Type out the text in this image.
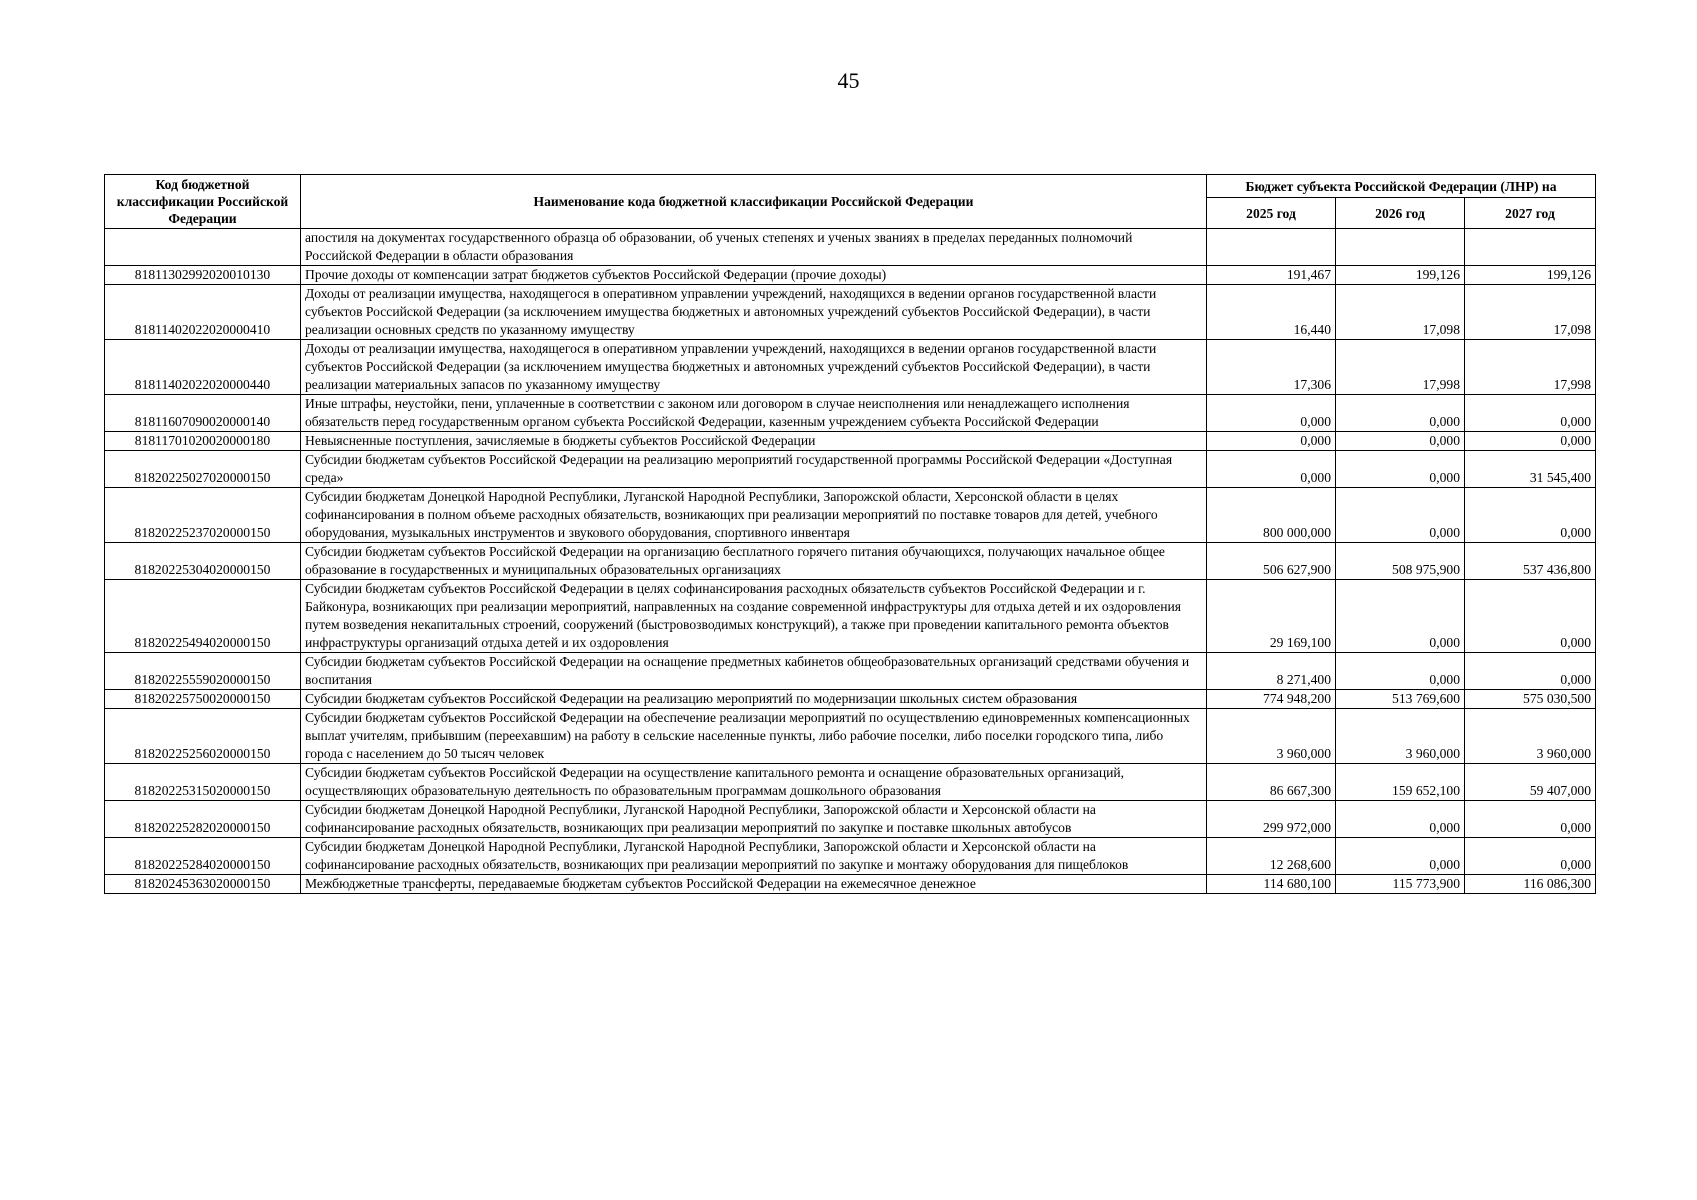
45
Код бюджетной классификации Российской Федерации	Наименование кода бюджетной классификации Российской Федерации	Бюджет субъекта Российской Федерации (ЛНР) на		
		2025 год	2026 год	2027 год
	апостиля на документах государственного образца об образовании, об ученых степенях и ученых званиях в пределах переданных полномочий Российской Федерации в области образования			
81811302992020010130	Прочие доходы от компенсации затрат бюджетов субъектов Российской Федерации (прочие доходы)	191,467	199,126	199,126
81811402022020000410	Доходы от реализации имущества, находящегося в оперативном управлении учреждений, находящихся в ведении органов государственной власти субъектов Российской Федерации (за исключением имущества бюджетных и автономных учреждений субъектов Российской Федерации), в части реализации основных средств по указанному имуществу	16,440	17,098	17,098
81811402022020000440	Доходы от реализации имущества, находящегося в оперативном управлении учреждений, находящихся в ведении органов государственной власти субъектов Российской Федерации (за исключением имущества бюджетных и автономных учреждений субъектов Российской Федерации), в части реализации материальных запасов по указанному имуществу	17,306	17,998	17,998
81811607090020000140	Иные штрафы, неустойки, пени, уплаченные в соответствии с законом или договором в случае неисполнения или ненадлежащего исполнения обязательств перед государственным органом субъекта Российской Федерации, казенным учреждением субъекта Российской Федерации	0,000	0,000	0,000
81811701020020000180	Невыясненные поступления, зачисляемые в бюджеты субъектов Российской Федерации	0,000	0,000	0,000
81820225027020000150	Субсидии бюджетам субъектов Российской Федерации на реализацию мероприятий государственной программы Российской Федерации «Доступная среда»	0,000	0,000	31 545,400
81820225237020000150	Субсидии бюджетам Донецкой Народной Республики, Луганской Народной Республики, Запорожской области, Херсонской области в целях софинансирования в полном объеме расходных обязательств, возникающих при реализации мероприятий по поставке товаров для детей, учебного оборудования, музыкальных инструментов и звукового оборудования, спортивного инвентаря	800 000,000	0,000	0,000
81820225304020000150	Субсидии бюджетам субъектов Российской Федерации на организацию бесплатного горячего питания обучающихся, получающих начальное общее образование в государственных и муниципальных образовательных организациях	506 627,900	508 975,900	537 436,800
81820225494020000150	Субсидии бюджетам субъектов Российской Федерации в целях софинансирования расходных обязательств субъектов Российской Федерации и г. Байконура, возникающих при реализации мероприятий, направленных на создание современной инфраструктуры для отдыха детей и их оздоровления путем возведения некапитальных строений, сооружений (быстровозводимых конструкций), а также при проведении капитального ремонта объектов инфраструктуры организаций отдыха детей и их оздоровления	29 169,100	0,000	0,000
81820225559020000150	Субсидии бюджетам субъектов Российской Федерации на оснащение предметных кабинетов общеобразовательных организаций средствами обучения и воспитания	8 271,400	0,000	0,000
81820225750020000150	Субсидии бюджетам субъектов Российской Федерации на реализацию мероприятий по модернизации школьных систем образования	774 948,200	513 769,600	575 030,500
81820225256020000150	Субсидии бюджетам субъектов Российской Федерации на обеспечение реализации мероприятий по осуществлению единовременных компенсационных выплат учителям, прибывшим (переехавшим) на работу в сельские населенные пункты, либо рабочие поселки, либо поселки городского типа, либо города с населением до 50 тысяч человек	3 960,000	3 960,000	3 960,000
81820225315020000150	Субсидии бюджетам субъектов Российской Федерации на осуществление капитального ремонта и оснащение образовательных организаций, осуществляющих образовательную деятельность по образовательным программам дошкольного образования	86 667,300	159 652,100	59 407,000
81820225282020000150	Субсидии бюджетам Донецкой Народной Республики, Луганской Народной Республики, Запорожской области и Херсонской области на софинансирование расходных обязательств, возникающих при реализации мероприятий по закупке и поставке школьных автобусов	299 972,000	0,000	0,000
81820225284020000150	Субсидии бюджетам Донецкой Народной Республики, Луганской Народной Республики, Запорожской области и Херсонской области на софинансирование расходных обязательств, возникающих при реализации мероприятий по закупке и монтажу оборудования для пищеблоков	12 268,600	0,000	0,000
81820245363020000150	Межбюджетные трансферты, передаваемые бюджетам субъектов Российской Федерации на ежемесячное денежное	114 680,100	115 773,900	116 086,300
